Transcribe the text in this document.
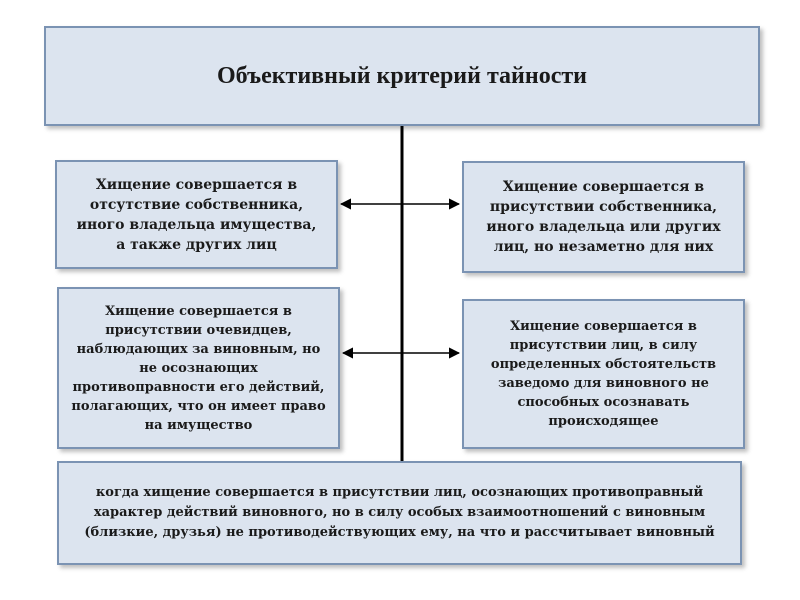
Объективный критерий тайности
Хищение совершается в
отсутствие собственника,
иного владельца имущества,
а также других лиц
Хищение совершается в
присутствии собственника,
иного владельца или других
лиц, но незаметно для них
Хищение совершается в
присутствии очевидцев,
наблюдающих за виновным, но
не осознающих
противоправности его действий,
полагающих, что он имеет право
на имущество
Хищение совершается в
присутствии лиц, в силу
определенных обстоятельств
заведомо для виновного не
способных осознавать
происходящее
когда хищение совершается в присутствии лиц, осознающих противоправный
характер действий виновного, но в силу особых взаимоотношений с виновным
(близкие, друзья) не противодействующих ему, на что и рассчитывает виновный
